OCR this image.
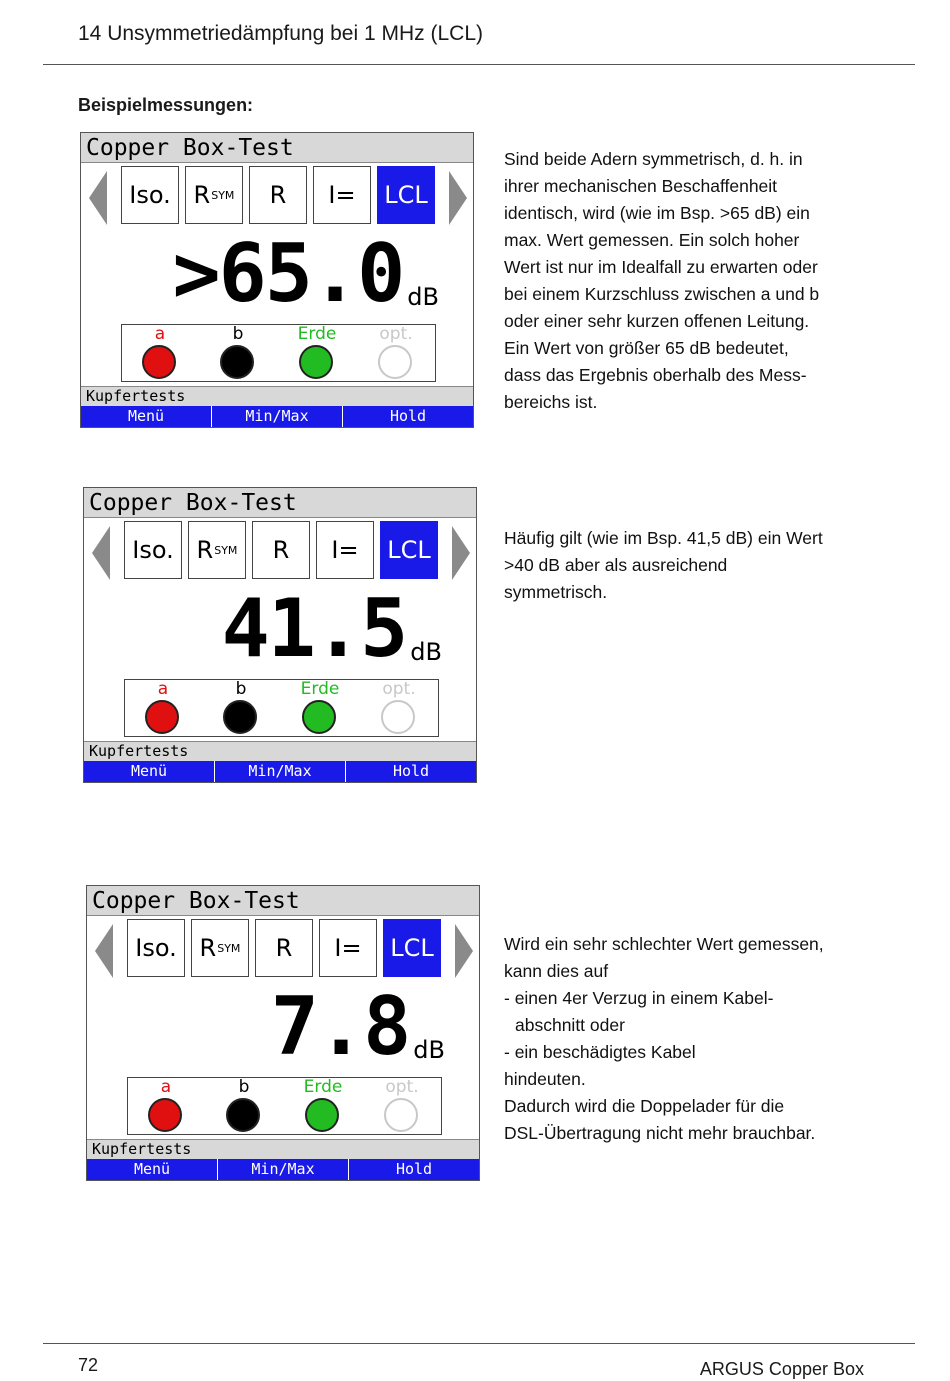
14 Unsymmetriedämpfung bei 1 MHz (LCL)
Beispielmessungen:
Copper Box-Test
Iso. R SYM R I= LCL
>65.0 dB
a	b	Erde	opt.
Kupfertests
Menü	Min/Max	Hold
Copper Box-Test
Iso. R SYM R I= LCL
41.5 dB
a	b	Erde	opt.
Kupfertests
Menü	Min/Max	Hold
Copper Box-Test
Iso. R SYM R I= LCL
7.8 dB
a	b	Erde	opt.
Kupfertests
Menü	Min/Max	Hold

Sind beide Adern symmetrisch, d. h. in

ihrer mechanischen Beschaffenheit

identisch, wird (wie im Bsp. >65 dB) ein

max. Wert gemessen. Ein solch hoher

Wert ist nur im Idealfall zu erwarten oder

bei einem Kurzschluss zwischen a und b

oder einer sehr kurzen offenen Leitung.

Ein Wert von größer 65 dB bedeutet,

dass das Ergebnis oberhalb des Mess-

bereichs ist.

Häufig gilt (wie im Bsp. 41,5 dB) ein Wert

>40 dB aber als ausreichend

symmetrisch.

Wird ein sehr schlechter Wert gemessen,

kann dies auf

- einen 4er Verzug in einem Kabel-

abschnitt oder

- ein beschädigtes Kabel

hindeuten.

Dadurch wird die Doppelader für die

DSL-Übertragung nicht mehr brauchbar.

72	ARGUS Copper Box
